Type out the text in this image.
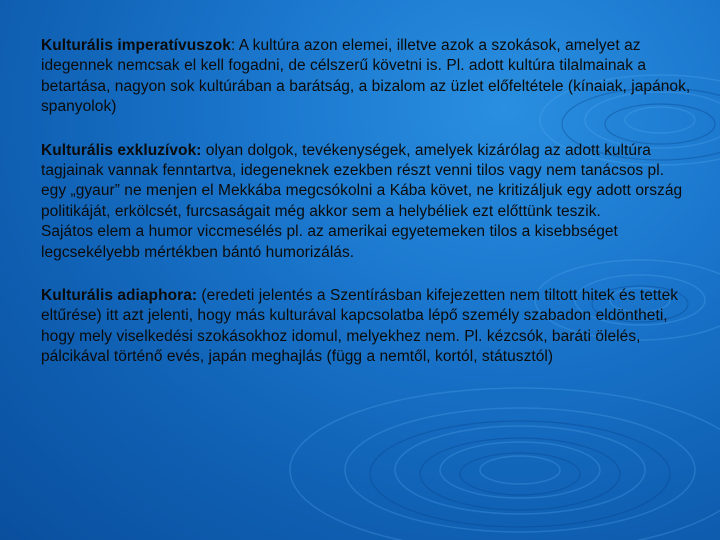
Kulturális imperatívuszok: A kultúra azon elemei, illetve azok a szokások, amelyet az idegennek nemcsak el kell fogadni, de célszerű követni is. Pl. adott kultúra tilalmainak a betartása, nagyon sok kultúrában a barátság, a bizalom az üzlet előfeltétele (kínaiak, japánok, spanyolok)

Kulturális exkluzívok: olyan dolgok, tevékenységek, amelyek kizárólag az adott kultúra tagjainak vannak fenntartva, idegeneknek ezekben részt venni tilos vagy nem tanácsos pl. egy „gyaur” ne menjen el Mekkába megcsókolni a Kába követ, ne kritizáljuk egy adott ország politikáját, erkölcsét, furcsaságait még akkor sem a helybéliek ezt előttünk teszik.

Sajátos elem a humor viccmesélés pl. az amerikai egyetemeken tilos a kisebbséget legcsekélyebb mértékben bántó humorizálás.

Kulturális adiaphora: (eredeti jelentés a Szentírásban kifejezetten nem tiltott hitek és tettek eltűrése) itt azt jelenti, hogy más kulturával kapcsolatba lépő személy szabadon eldöntheti, hogy mely viselkedési szokásokhoz idomul, melyekhez nem. Pl. kézcsók, baráti ölelés, pálcikával történő evés, japán meghajlás (függ a nemtől, kortól, státusztól)
